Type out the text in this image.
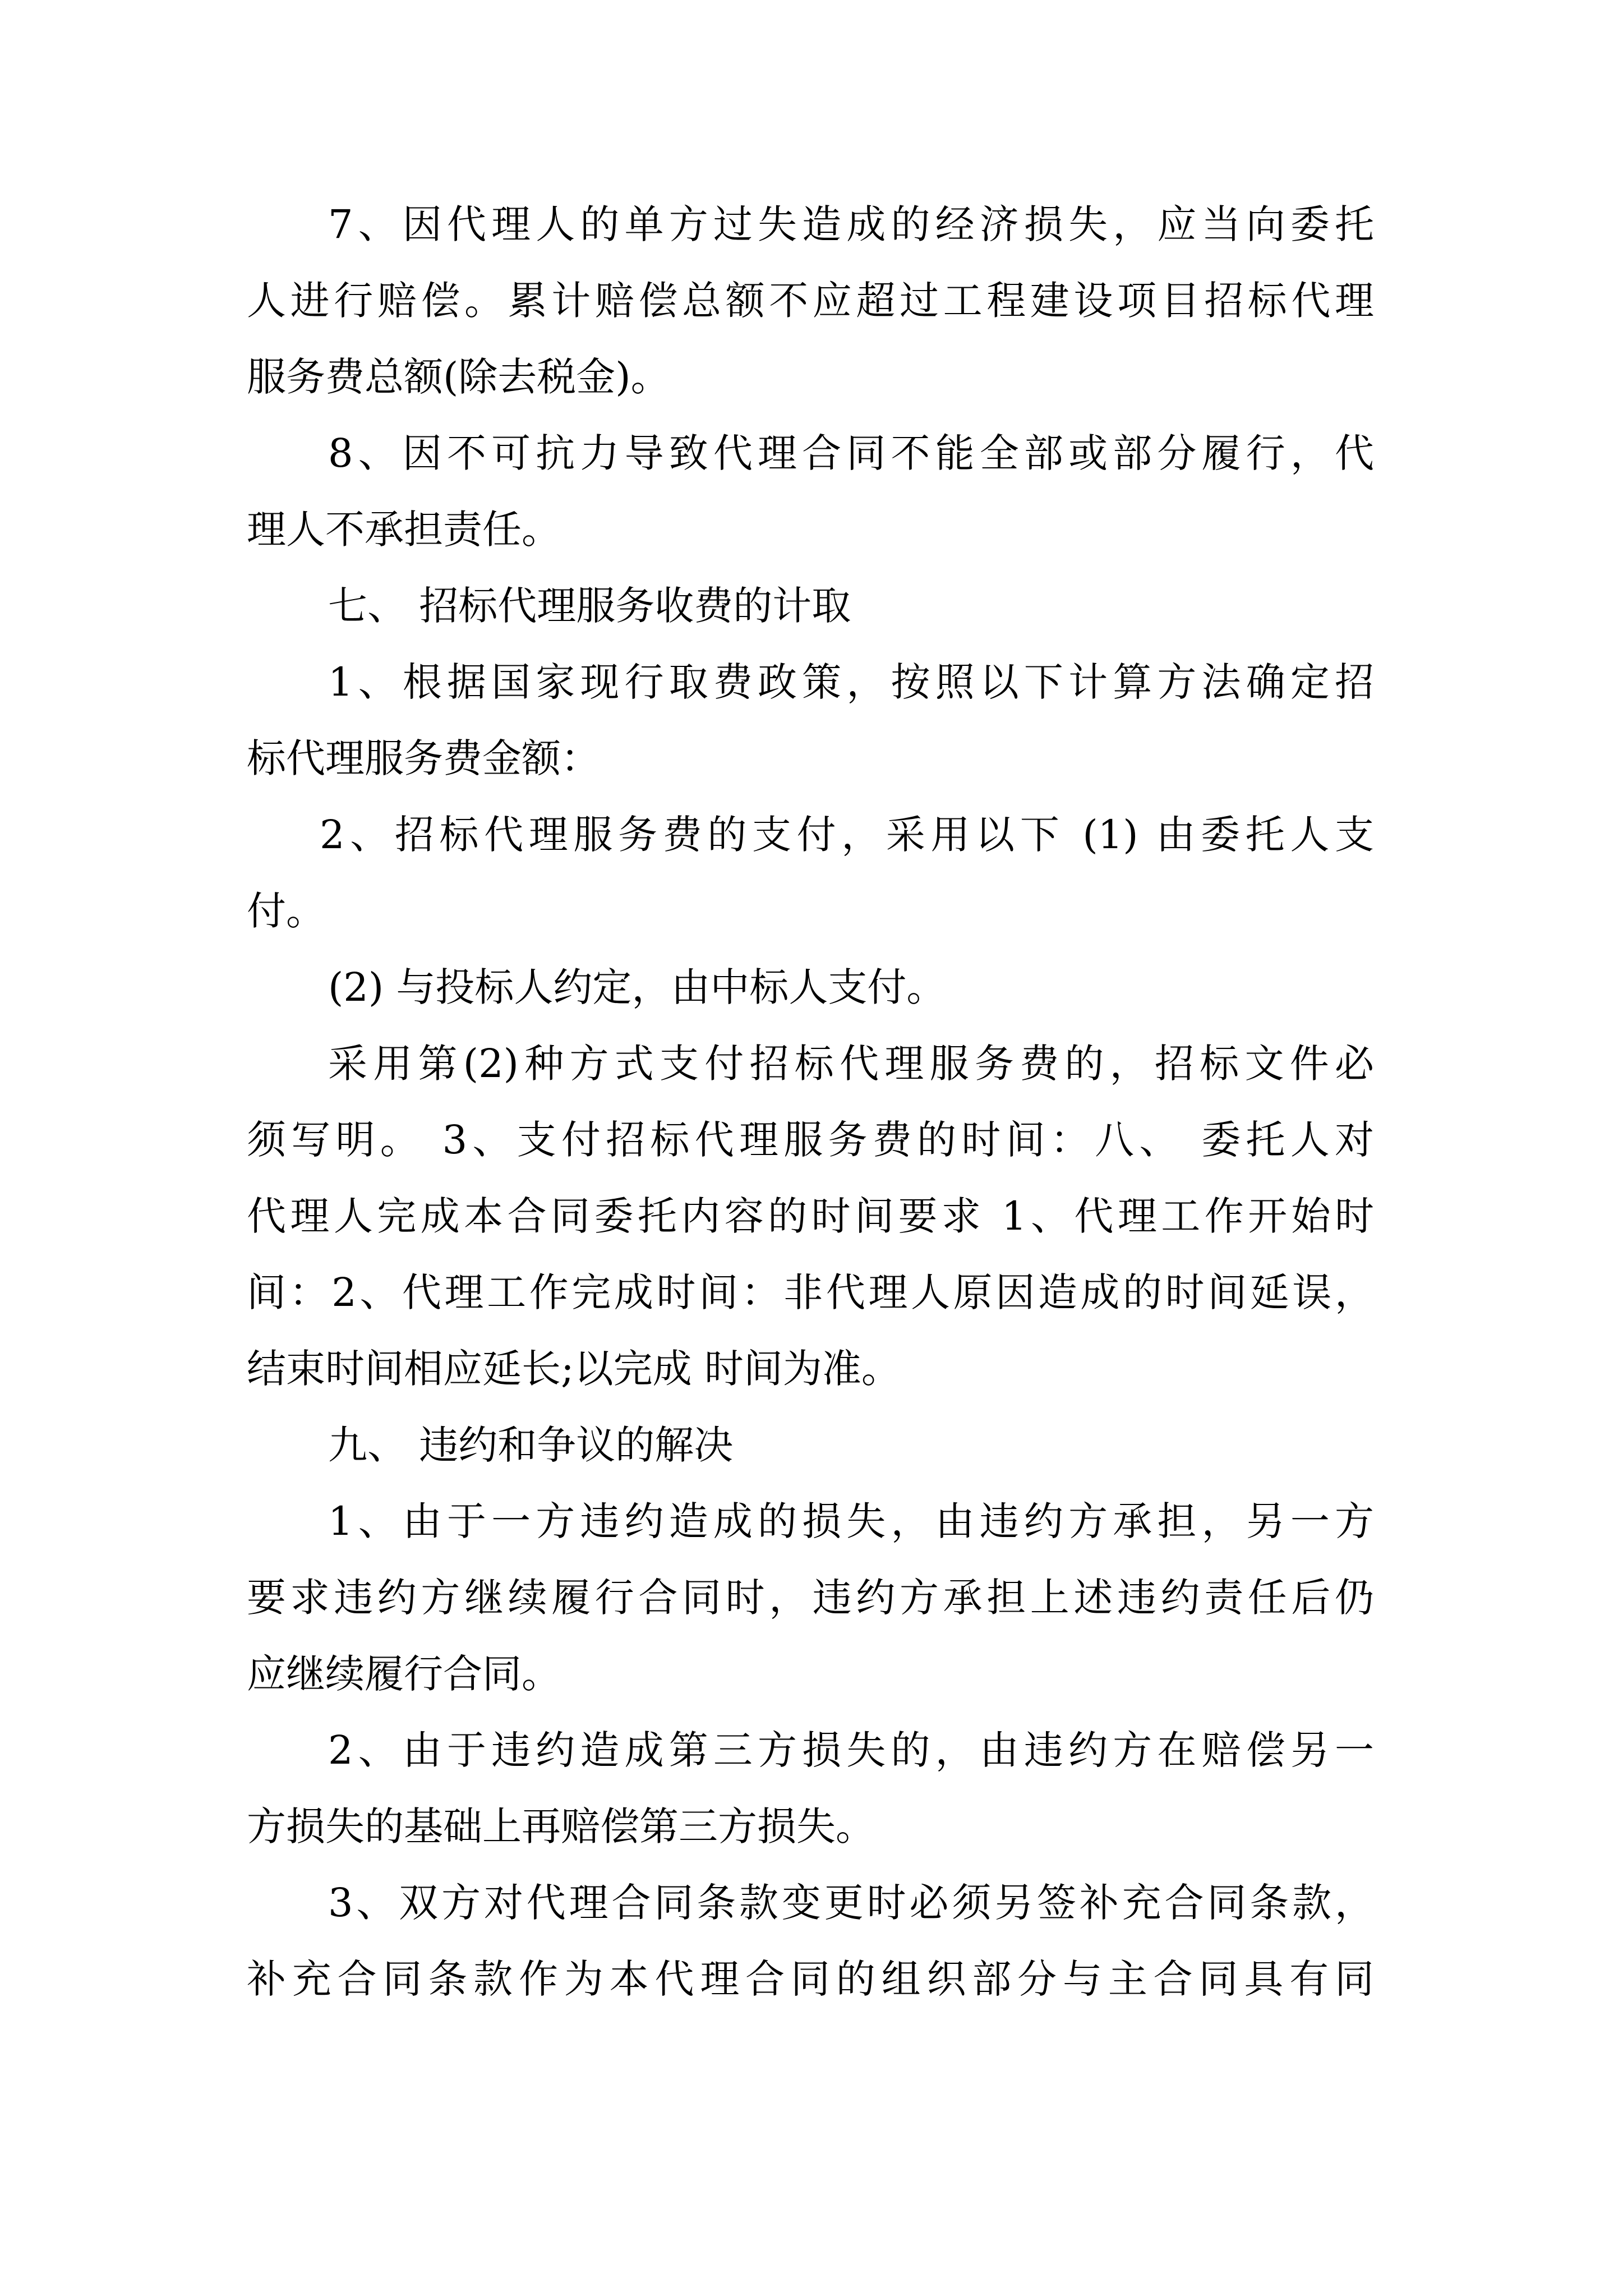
7、因代理人的单方过失造成的经济损失，应当向委托
人进行赔偿。累计赔偿总额不应超过工程建设项目招标代理
服务费总额(除去税金)。
8、因不可抗力导致代理合同不能全部或部分履行，代
理人不承担责任。
七、 招标代理服务收费的计取
1、根据国家现行取费政策，按照以下计算方法确定招
标代理服务费金额：
2、招标代理服务费的支付，采用以下 (1) 由委托人支
付。
(2) 与投标人约定，由中标人支付。
采用第(2)种方式支付招标代理服务费的，招标文件必
须写明。 3、支付招标代理服务费的时间：八、 委托人对
代理人完成本合同委托内容的时间要求 1、代理工作开始时
间：2、代理工作完成时间：非代理人原因造成的时间延误，
结束时间相应延长;以完成 时间为准。
九、 违约和争议的解决
1、由于一方违约造成的损失，由违约方承担，另一方
要求违约方继续履行合同时，违约方承担上述违约责任后仍
应继续履行合同。
2、由于违约造成第三方损失的，由违约方在赔偿另一
方损失的基础上再赔偿第三方损失。
3、双方对代理合同条款变更时必须另签补充合同条款，
补充合同条款作为本代理合同的组织部分与主合同具有同
